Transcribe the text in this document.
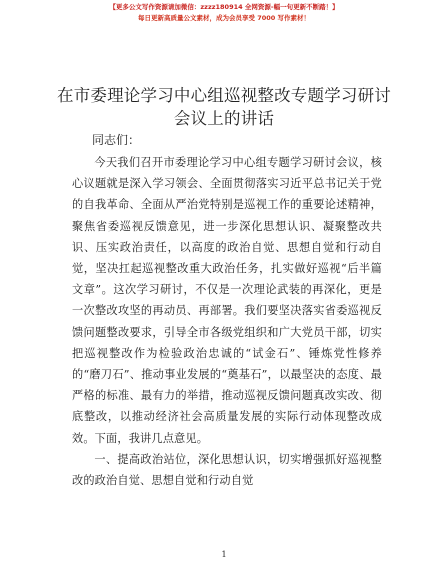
【更多公文写作资源请加微信：zzzz180914 全网资源-幅一句更新不断踏！】
每日更新高质量公文素材，成为会员享受 7000 写作素材！
在市委理论学习中心组巡视整改专题学习研讨
会议上的讲话
同志们：
今天我们召开市委理论学习中心组专题学习研讨会议，核心议题就是深入学习领会、全面贯彻落实习近平总书记关于党的自我革命、全面从严治党特别是巡视工作的重要论述精神，聚焦省委巡视反馈意见，进一步深化思想认识、凝聚整改共识、压实政治责任，以高度的政治自觉、思想自觉和行动自觉，坚决扛起巡视整改重大政治任务，扎实做好巡视“后半篇文章”。这次学习研讨，不仅是一次理论武装的再深化，更是一次整改攻坚的再动员、再部署。我们要坚决落实省委巡视反馈问题整改要求，引导全市各级党组织和广大党员干部，切实把巡视整改作为检验政治忠诚的“试金石”、锤炼党性修养的“磨刀石”、推动事业发展的“奠基石”，以最坚决的态度、最严格的标准、最有力的举措，推动巡视反馈问题真改实改、彻底整改，以推动经济社会高质量发展的实际行动体现整改成效。下面，我讲几点意见。
一、提高政治站位，深化思想认识，切实增强抓好巡视整改的政治自觉、思想自觉和行动自觉
1
